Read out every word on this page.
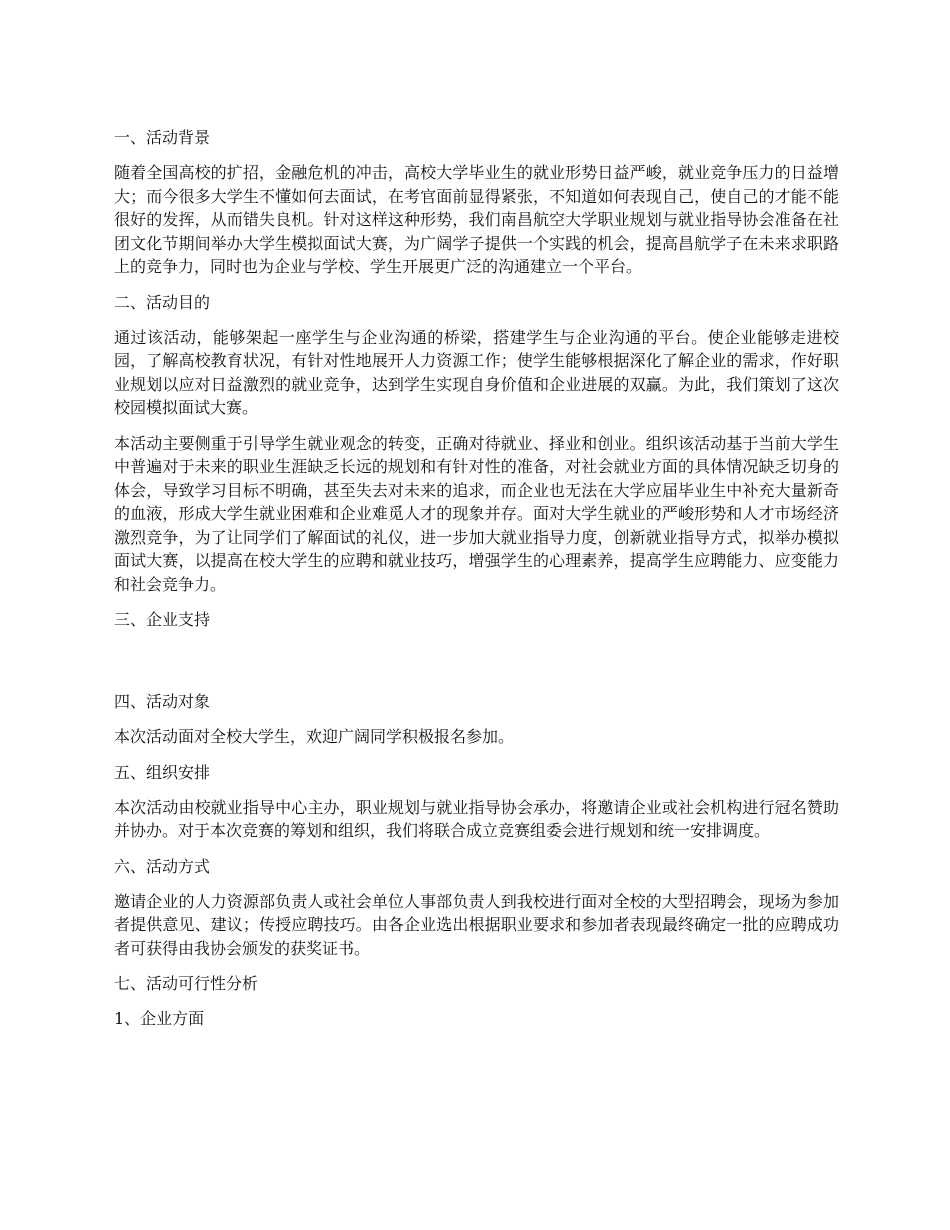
一、活动背景

随着全国高校的扩招，金融危机的冲击，高校大学毕业生的就业形势日益严峻，就业竞争压力的日益增大；而今很多大学生不懂如何去面试，在考官面前显得紧张，不知道如何表现自己，使自己的才能不能很好的发挥，从而错失良机。针对这样这种形势，我们南昌航空大学职业规划与就业指导协会准备在社团文化节期间举办大学生模拟面试大赛，为广阔学子提供一个实践的机会，提高昌航学子在未来求职路上的竞争力，同时也为企业与学校、学生开展更广泛的沟通建立一个平台。

二、活动目的

通过该活动，能够架起一座学生与企业沟通的桥梁，搭建学生与企业沟通的平台。使企业能够走进校园，了解高校教育状况，有针对性地展开人力资源工作；使学生能够根据深化了解企业的需求，作好职业规划以应对日益激烈的就业竞争，达到学生实现自身价值和企业进展的双赢。为此，我们策划了这次校园模拟面试大赛。

本活动主要侧重于引导学生就业观念的转变，正确对待就业、择业和创业。组织该活动基于当前大学生中普遍对于未来的职业生涯缺乏长远的规划和有针对性的准备，对社会就业方面的具体情况缺乏切身的体会，导致学习目标不明确，甚至失去对未来的追求，而企业也无法在大学应届毕业生中补充大量新奇的血液，形成大学生就业困难和企业难觅人才的现象并存。面对大学生就业的严峻形势和人才市场经济激烈竞争，为了让同学们了解面试的礼仪，进一步加大就业指导力度，创新就业指导方式，拟举办模拟面试大赛，以提高在校大学生的应聘和就业技巧，增强学生的心理素养，提高学生应聘能力、应变能力和社会竞争力。

三、企业支持

四、活动对象

本次活动面对全校大学生，欢迎广阔同学积极报名参加。

五、组织安排

本次活动由校就业指导中心主办，职业规划与就业指导协会承办，将邀请企业或社会机构进行冠名赞助并协办。对于本次竞赛的筹划和组织，我们将联合成立竞赛组委会进行规划和统一安排调度。

六、活动方式

邀请企业的人力资源部负责人或社会单位人事部负责人到我校进行面对全校的大型招聘会，现场为参加者提供意见、建议；传授应聘技巧。由各企业选出根据职业要求和参加者表现最终确定一批的应聘成功者可获得由我协会颁发的获奖证书。

七、活动可行性分析

1、企业方面
